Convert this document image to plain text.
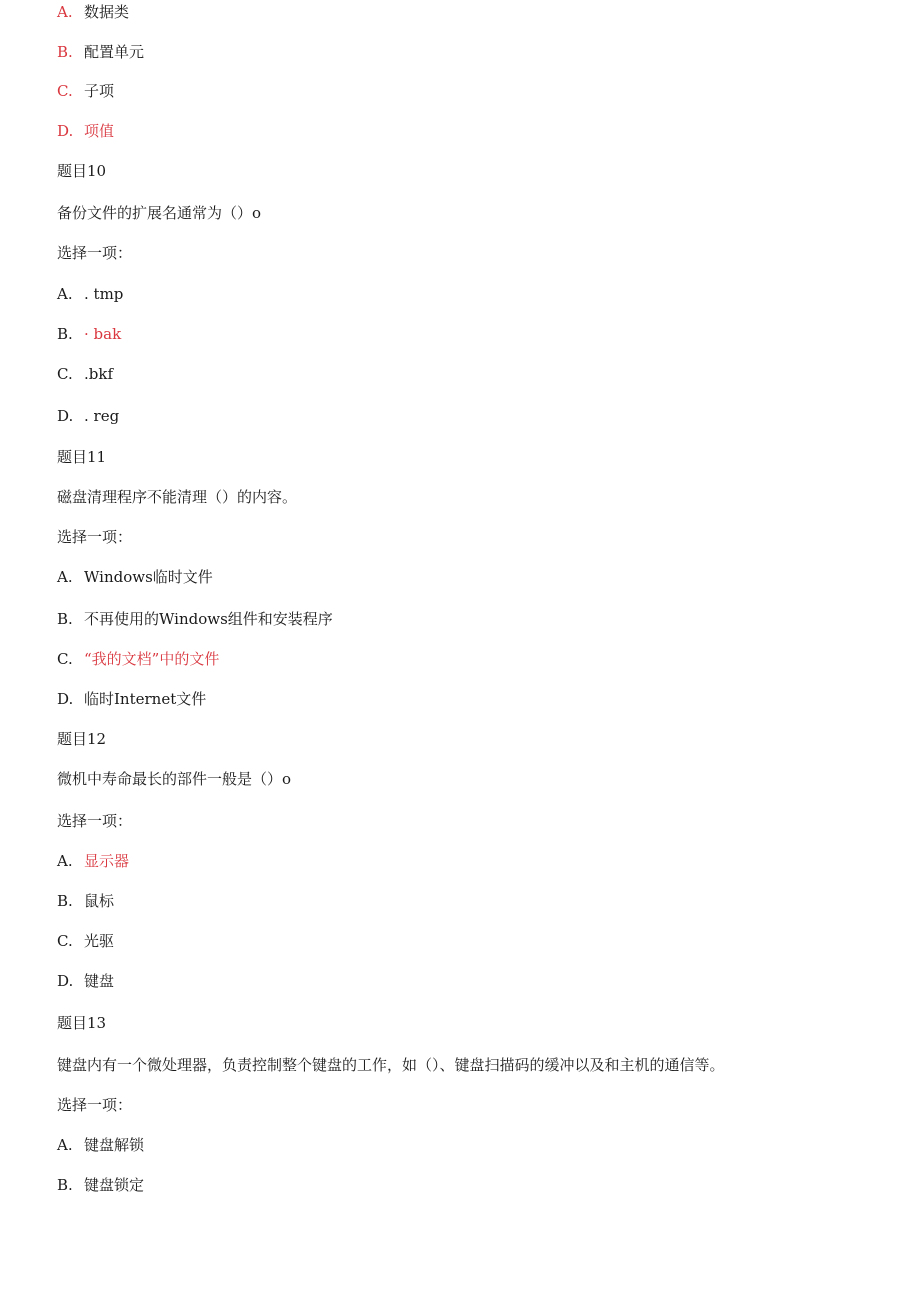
A. 数据类
B. 配置单元
C. 子项
D. 项值
题目10
备份文件的扩展名通常为（）o
选择一项：
A. . tmp
B. · bak
C. .bkf
D. . reg
题目11
磁盘清理程序不能清理（）的内容。
选择一项：
A. Windows临时文件
B. 不再使用的Windows组件和安装程序
C. “我的文档”中的文件
D. 临时Internet文件
题目12
微机中寿命最长的部件一般是（）o
选择一项：
A. 显示器
B. 鼠标
C. 光驱
D. 键盘
题目13
键盘内有一个微处理器，负责控制整个键盘的工作，如（）、键盘扫描码的缓冲以及和主机的通信等。
选择一项：
A. 键盘解锁
B. 键盘锁定
